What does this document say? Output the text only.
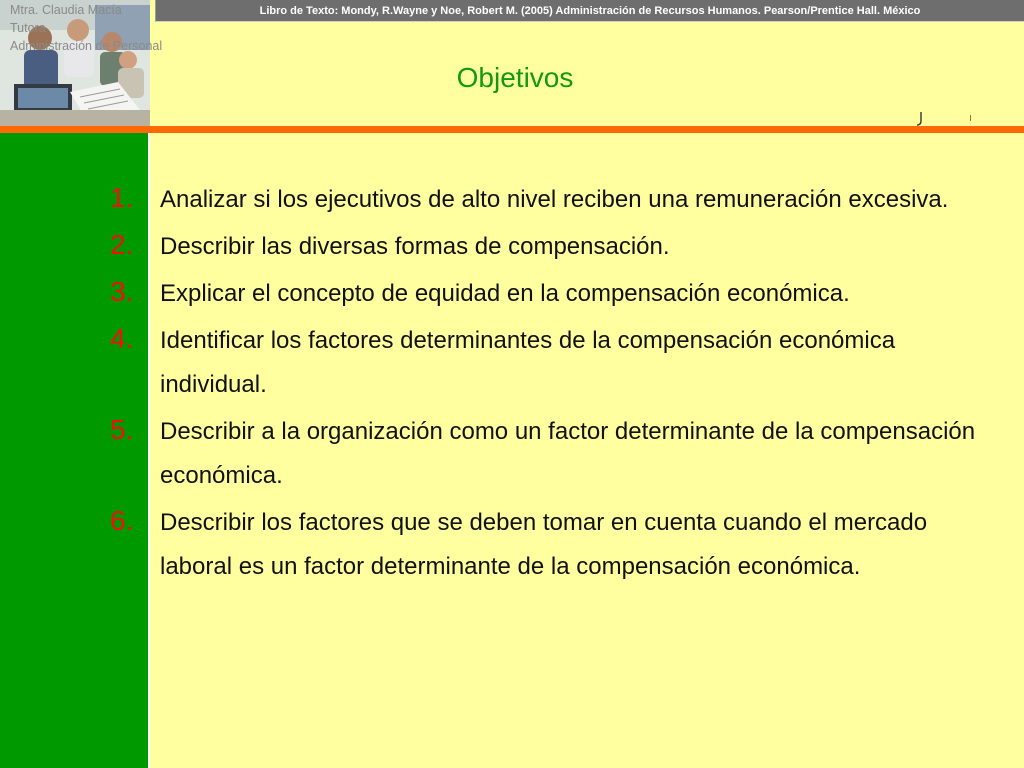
Mtra. Claudia Macía
Tutora
Administración de Personal
Libro de Texto: Mondy, R.Wayne y Noe, Robert M. (2005) Administración de Recursos Humanos. Pearson/Prentice Hall. México
Objetivos
1.	Analizar si los ejecutivos de alto nivel reciben una remuneración excesiva.
2.	Describir las diversas formas de compensación.
3.	Explicar el concepto de equidad en la compensación económica.
4.	Identificar los factores determinantes de la compensación económica individual.
5.	Describir a la organización como un factor determinante de la compensación económica.
6.	Describir los factores que se deben tomar en cuenta cuando el mercado laboral es un factor determinante de la compensación económica.
